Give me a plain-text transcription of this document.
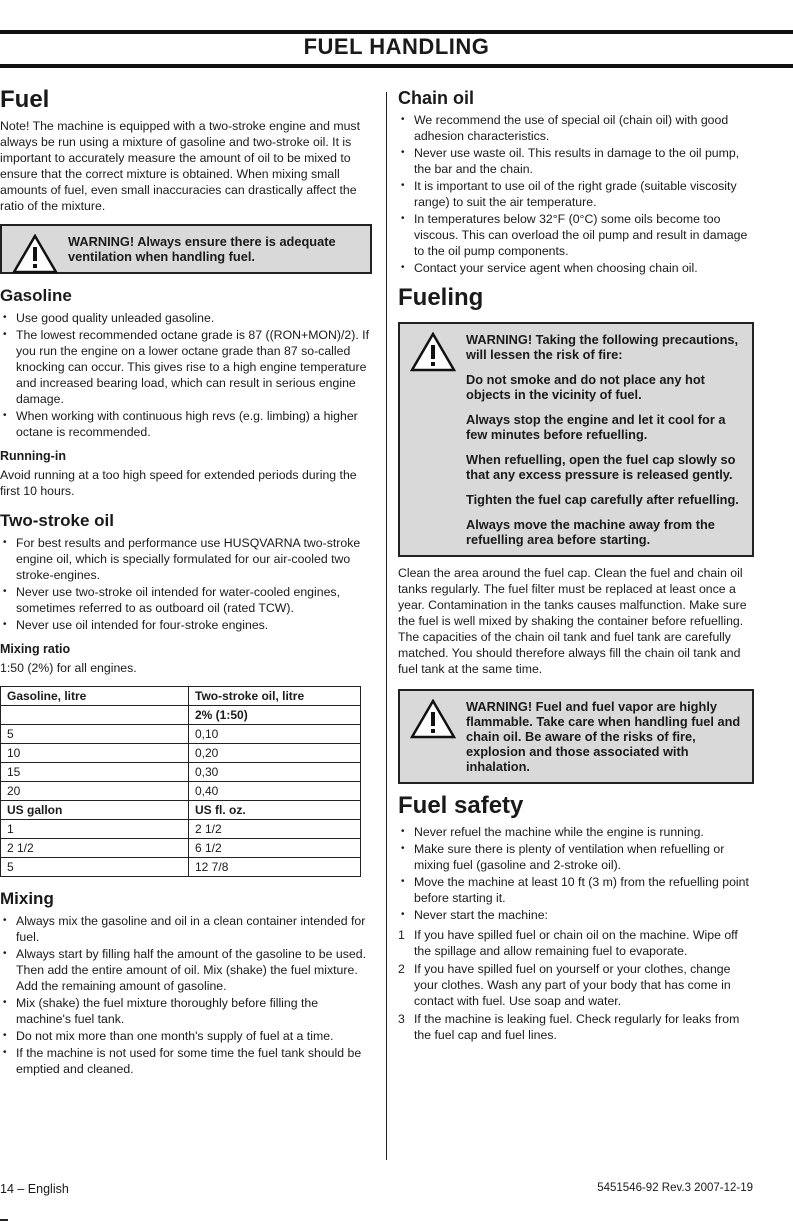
FUEL HANDLING
Fuel

Note! The machine is equipped with a two-stroke engine and must always be run using a mixture of gasoline and two-stroke oil. It is important to accurately measure the amount of oil to be mixed to ensure that the correct mixture is obtained. When mixing small amounts of fuel, even small inaccuracies can drastically affect the ratio of the mixture.

WARNING! Always ensure there is adequate ventilation when handling fuel.

Gasoline
• Use good quality unleaded gasoline.
• The lowest recommended octane grade is 87 ((RON+MON)/2). If you run the engine on a lower octane grade than 87 so-called knocking can occur. This gives rise to a high engine temperature and increased bearing load, which can result in serious engine damage.
• When working with continuous high revs (e.g. limbing) a higher octane is recommended.
Running-in

Avoid running at a too high speed for extended periods during the first 10 hours.

Two-stroke oil
• For best results and performance use HUSQVARNA two-stroke engine oil, which is specially formulated for our air-cooled two stroke-engines.
• Never use two-stroke oil intended for water-cooled engines, sometimes referred to as outboard oil (rated TCW).
• Never use oil intended for four-stroke engines.
Mixing ratio

1:50 (2%) for all engines.

Gasoline, litre	Two-stroke oil, litre
	2% (1:50)
5	0,10
10	0,20
15	0,30
20	0,40
US gallon	US fl. oz.
1	2 1/2
2 1/2	6 1/2
5	12 7/8
Mixing
• Always mix the gasoline and oil in a clean container intended for fuel.
• Always start by filling half the amount of the gasoline to be used. Then add the entire amount of oil. Mix (shake) the fuel mixture. Add the remaining amount of gasoline.
• Mix (shake) the fuel mixture thoroughly before filling the machine's fuel tank.
• Do not mix more than one month's supply of fuel at a time.
• If the machine is not used for some time the fuel tank should be emptied and cleaned.
Chain oil
• We recommend the use of special oil (chain oil) with good adhesion characteristics.
• Never use waste oil. This results in damage to the oil pump, the bar and the chain.
• It is important to use oil of the right grade (suitable viscosity range) to suit the air temperature.
• In temperatures below 32°F (0°C) some oils become too viscous. This can overload the oil pump and result in damage to the oil pump components.
• Contact your service agent when choosing chain oil.
Fueling

WARNING! Taking the following precautions, will lessen the risk of fire:

Do not smoke and do not place any hot objects in the vicinity of fuel.

Always stop the engine and let it cool for a few minutes before refuelling.

When refuelling, open the fuel cap slowly so that any excess pressure is released gently.

Tighten the fuel cap carefully after refuelling.

Always move the machine away from the refuelling area before starting.

Clean the area around the fuel cap. Clean the fuel and chain oil tanks regularly. The fuel filter must be replaced at least once a year. Contamination in the tanks causes malfunction. Make sure the fuel is well mixed by shaking the container before refuelling. The capacities of the chain oil tank and fuel tank are carefully matched. You should therefore always fill the chain oil tank and fuel tank at the same time.

WARNING! Fuel and fuel vapor are highly flammable. Take care when handling fuel and chain oil. Be aware of the risks of fire, explosion and those associated with inhalation.

Fuel safety
• Never refuel the machine while the engine is running.
• Make sure there is plenty of ventilation when refuelling or mixing fuel (gasoline and 2-stroke oil).
• Move the machine at least 10 ft (3 m) from the refuelling point before starting it.
• Never start the machine:
1 If you have spilled fuel or chain oil on the machine. Wipe off the spillage and allow remaining fuel to evaporate.
2 If you have spilled fuel on yourself or your clothes, change your clothes. Wash any part of your body that has come in contact with fuel. Use soap and water.
3 If the machine is leaking fuel. Check regularly for leaks from the fuel cap and fuel lines.
14 – English	5451546-92 Rev.3 2007-12-19
